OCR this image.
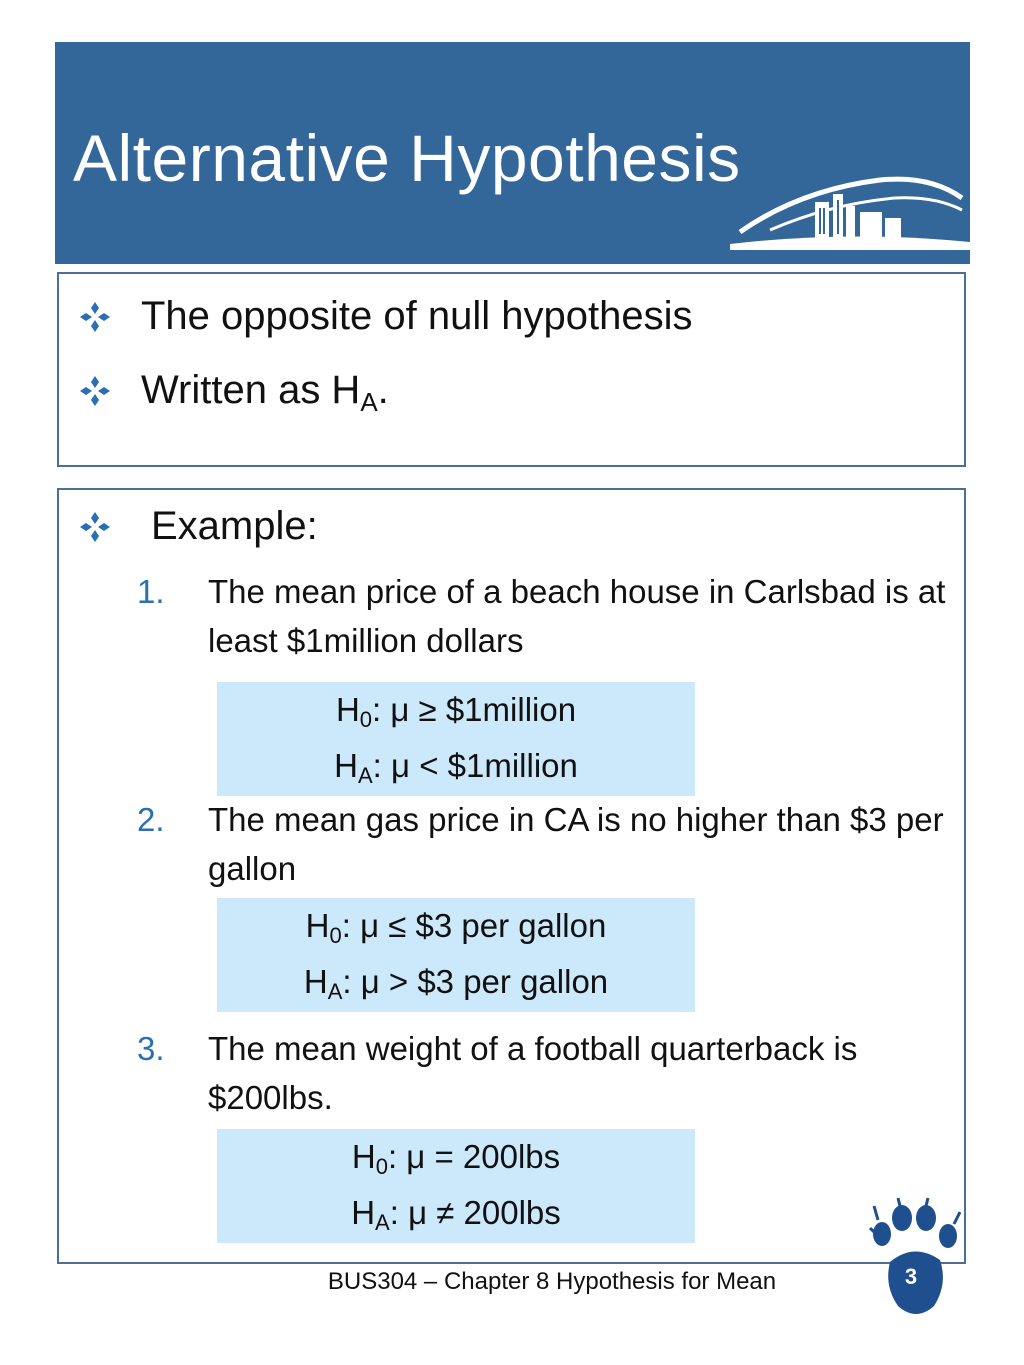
Alternative Hypothesis
The opposite of null hypothesis
Written as H A .
Example:
1.	The mean price of a beach house in Carlsbad is at least $1million dollars
$H_0$: μ ≥ $1million
$H_A$: μ < $1million
2.	The mean gas price in CA is no higher than $3 per gallon
$H_0$: μ ≤ $3 per gallon
$H_A$: μ > $3 per gallon
3.	The mean weight of a football quarterback is $200lbs.
$H_0$: μ = 200lbs
$H_A$: μ ≠ 200lbs
BUS304 – Chapter 8 Hypothesis for Mean	3
